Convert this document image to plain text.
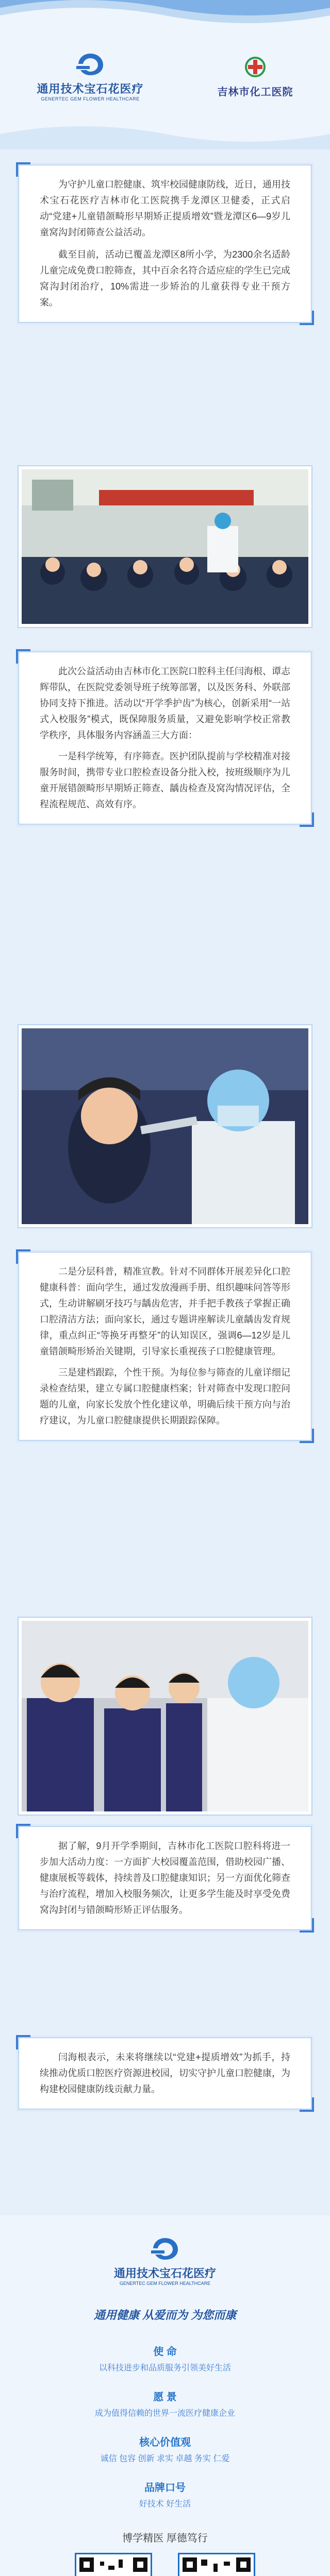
通用技术宝石花医疗
GENERTEC GEM FLOWER HEALTHCARE
吉林市化工医院

为守护儿童口腔健康、筑牢校园健康防线，近日，通用技术宝石花医疗吉林市化工医院携手龙潭区卫健委，正式启动“党建+儿童错颌畸形早期矫正提质增效”暨龙潭区6—9岁儿童窝沟封闭筛查公益活动。

截至目前，活动已覆盖龙潭区8所小学，为2300余名适龄儿童完成免费口腔筛查，其中百余名符合适应症的学生已完成窝沟封闭治疗，10%需进一步矫治的儿童获得专业干预方案。

此次公益活动由吉林市化工医院口腔科主任闫海根、谭志辉带队，在医院党委领导班子统筹部署，以及医务科、外联部协同支持下推进。活动以“开学季护齿”为核心，创新采用“一站式入校服务”模式，既保障服务质量，又避免影响学校正常教学秩序，具体服务内容涵盖三大方面：

一是科学统筹，有序筛查。医护团队提前与学校精准对接服务时间，携带专业口腔检查设备分批入校，按班级顺序为儿童开展错颌畸形早期矫正筛查、龋齿检查及窝沟情况评估，全程流程规范、高效有序。

二是分层科普，精准宣教。针对不同群体开展差异化口腔健康科普：面向学生，通过发放漫画手册、组织趣味问答等形式，生动讲解刷牙技巧与龋齿危害，并手把手教孩子掌握正确口腔清洁方法；面向家长，通过专题讲座解读儿童龋齿发育规律，重点纠正“等换牙再整牙”的认知误区，强调6—12岁是儿童错颌畸形矫治关键期，引导家长重视孩子口腔健康管理。

三是建档跟踪，个性干预。为每位参与筛查的儿童详细记录检查结果，建立专属口腔健康档案；针对筛查中发现口腔问题的儿童，向家长发放个性化建议单，明确后续干预方向与治疗建议，为儿童口腔健康提供长期跟踪保障。

据了解，9月开学季期间，吉林市化工医院口腔科将进一步加大活动力度：一方面扩大校园覆盖范围，借助校园广播、健康展板等载体，持续普及口腔健康知识；另一方面优化筛查与治疗流程，增加入校服务频次，让更多学生能及时享受免费窝沟封闭与错颌畸形矫正评估服务。

闫海根表示，未来将继续以“党建+提质增效”为抓手，持续推动优质口腔医疗资源进校园，切实守护儿童口腔健康，为构建校园健康防线贡献力量。

通用技术宝石花医疗
GENERTEC GEM FLOWER HEALTHCARE
通用健康 从爱而为 为您而康
使 命
以科技进步和品质服务引领美好生活
愿 景
成为值得信赖的世界一流医疗健康企业
核心价值观
诚信 包容 创新 求实 卓越 务实 仁爱
品牌口号
好技术 好生活
博学精医 厚德笃行
